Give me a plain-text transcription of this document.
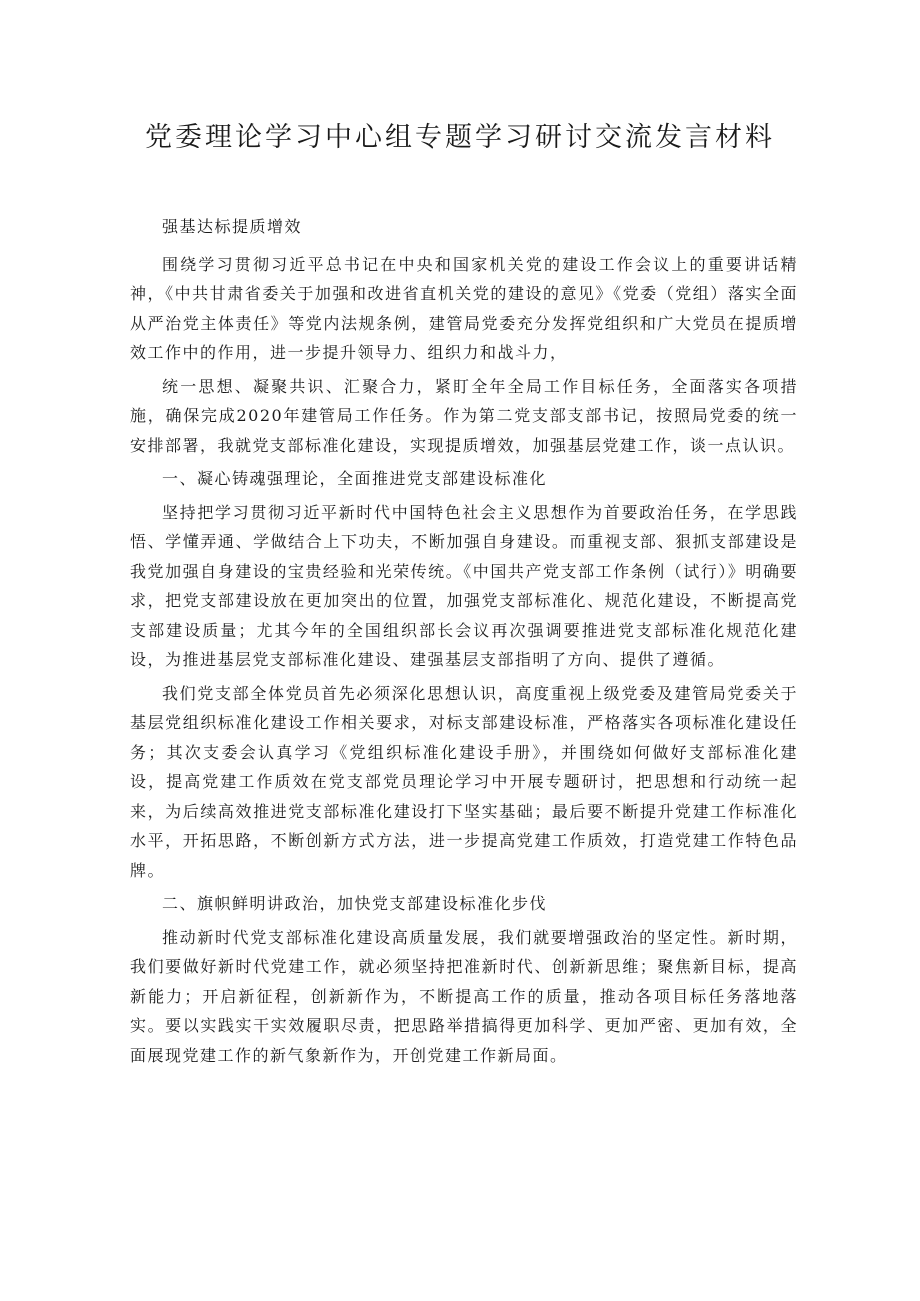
党委理论学习中心组专题学习研讨交流发言材料

强基达标提质增效

围绕学习贯彻习近平总书记在中央和国家机关党的建设工作会议上的重要讲话精神，《中共甘肃省委关于加强和改进省直机关党的建设的意见》《党委（党组）落实全面从严治党主体责任》等党内法规条例，建管局党委充分发挥党组织和广大党员在提质增效工作中的作用，进一步提升领导力、组织力和战斗力，

统一思想、凝聚共识、汇聚合力，紧盯全年全局工作目标任务，全面落实各项措施，确保完成2020年建管局工作任务。作为第二党支部支部书记，按照局党委的统一安排部署，我就党支部标准化建设，实现提质增效，加强基层党建工作，谈一点认识。

一、凝心铸魂强理论，全面推进党支部建设标准化

坚持把学习贯彻习近平新时代中国特色社会主义思想作为首要政治任务，在学思践悟、学懂弄通、学做结合上下功夫，不断加强自身建设。而重视支部、狠抓支部建设是我党加强自身建设的宝贵经验和光荣传统。《中国共产党支部工作条例（试行）》明确要求，把党支部建设放在更加突出的位置，加强党支部标准化、规范化建设，不断提高党支部建设质量；尤其今年的全国组织部长会议再次强调要推进党支部标准化规范化建设，为推进基层党支部标准化建设、建强基层支部指明了方向、提供了遵循。

我们党支部全体党员首先必须深化思想认识，高度重视上级党委及建管局党委关于基层党组织标准化建设工作相关要求，对标支部建设标准，严格落实各项标准化建设任务；其次支委会认真学习《党组织标准化建设手册》，并围绕如何做好支部标准化建设，提高党建工作质效在党支部党员理论学习中开展专题研讨，把思想和行动统一起来，为后续高效推进党支部标准化建设打下坚实基础；最后要不断提升党建工作标准化水平，开拓思路，不断创新方式方法，进一步提高党建工作质效，打造党建工作特色品牌。

二、旗帜鲜明讲政治，加快党支部建设标准化步伐

推动新时代党支部标准化建设高质量发展，我们就要增强政治的坚定性。新时期，我们要做好新时代党建工作，就必须坚持把准新时代、创新新思维；聚焦新目标，提高新能力；开启新征程，创新新作为，不断提高工作的质量，推动各项目标任务落地落实。要以实践实干实效履职尽责，把思路举措搞得更加科学、更加严密、更加有效，全面展现党建工作的新气象新作为，开创党建工作新局面。
